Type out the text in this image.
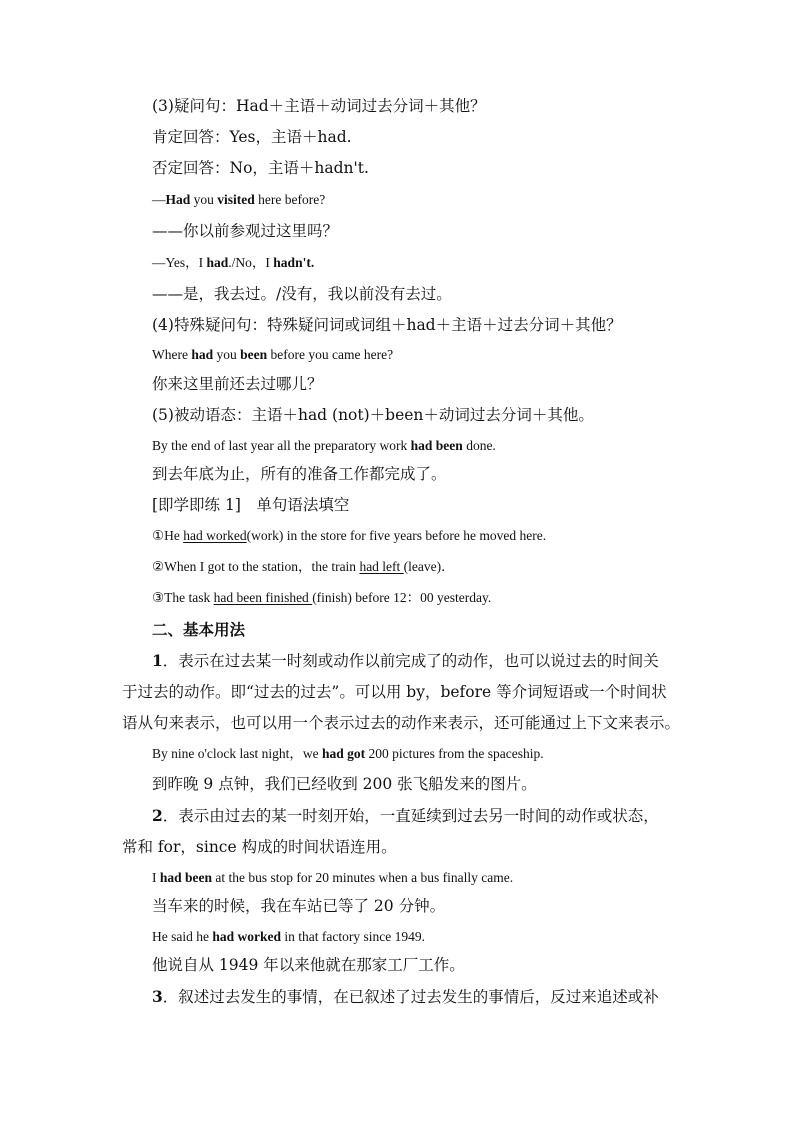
(3)疑问句：Had＋主语＋动词过去分词＋其他？
肯定回答：Yes，主语＋had.
否定回答：No，主语＋hadn't.
—Had you visited here before?
——你以前参观过这里吗？
—Yes，I had./No，I hadn't.
——是，我去过。/没有，我以前没有去过。
(4)特殊疑问句：特殊疑问词或词组＋had＋主语＋过去分词＋其他？
Where had you been before you came here?
你来这里前还去过哪儿？
(5)被动语态：主语＋had (not)＋been＋动词过去分词＋其他。
By the end of last year all the preparatory work had been done.
到去年底为止，所有的准备工作都完成了。
[即学即练 1]　单句语法填空
①He had worked(work) in the store for five years before he moved here.
②When I got to the station，the train had left (leave)．
③The task had been finished (finish) before 12：00 yesterday.
二、基本用法
1．表示在过去某一时刻或动作以前完成了的动作，也可以说过去的时间关
于过去的动作。即“过去的过去”。可以用 by，before 等介词短语或一个时间状
语从句来表示，也可以用一个表示过去的动作来表示，还可能通过上下文来表示。
By nine o'clock last night，we had got 200 pictures from the spaceship.
到昨晚 9 点钟，我们已经收到 200 张飞船发来的图片。
2．表示由过去的某一时刻开始，一直延续到过去另一时间的动作或状态，
常和 for，since 构成的时间状语连用。
I had been at the bus stop for 20 minutes when a bus finally came.
当车来的时候，我在车站已等了 20 分钟。
He said he had worked in that factory since 1949.
他说自从 1949 年以来他就在那家工厂工作。
3．叙述过去发生的事情，在已叙述了过去发生的事情后，反过来追述或补
